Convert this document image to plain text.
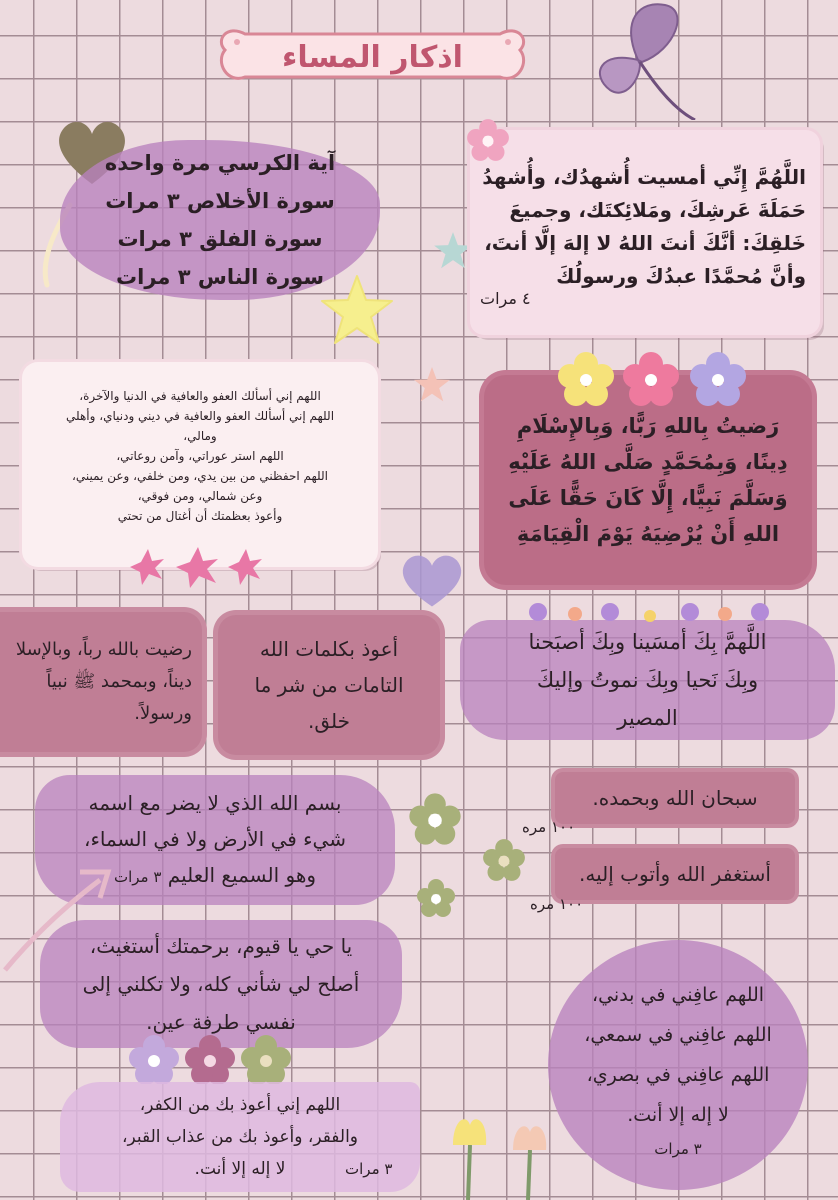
اذكار المساء
اللَّهُمَّ إِنِّي أمسيت أُشهدُك، وأُشهدُ
حَمَلَةَ عَرشِكَ، ومَلائِكتَك، وجميعَ
خَلقِكَ: أنَّكَ أنتَ اللهُ لا إلهَ إلَّا أنتَ،
وأنَّ مُحمَّدًا عبدُكَ ورسولُكَ
٤ مرات
آية الكرسي مرة واحده
سورة الأخلاص ٣ مرات
سورة الفلق ٣ مرات
سورة الناس ٣ مرات
اللهم إني أسألك العفو والعافية في الدنيا والآخرة،
اللهم إني أسألك العفو والعافية في ديني ودنياي، وأهلي
ومالي،
اللهم استر عوراتي، وآمن روعاتي،
اللهم احفظني من بين يدي، ومن خلفي، وعن يميني،
وعن شمالي، ومن فوقي،
وأعوذ بعظمتك أن أغتال من تحتي
رَضيتُ بِاللهِ رَبًّا، وَبِالإِسْلَامِ
دِينًا، وَبِمُحَمَّدٍ صَلَّى اللهُ عَلَيْهِ
وَسَلَّمَ نَبِيًّا، إِلَّا كَانَ حَقًّا عَلَى
اللهِ أَنْ يُرْضِيَهُ يَوْمَ الْقِيَامَةِ
رضيت بالله رباً، وبالإسلا
ديناً، وبمحمد ﷺ نبياً
ورسولاً.
أعوذ بكلمات الله
التامات من شر ما
خلق.
اللَّهمَّ بِكَ أمسَينا وبِكَ أصبَحنا
وبِكَ نَحيا وبِكَ نموتُ وإليكَ
المصير
بسم الله الذي لا يضر مع اسمه
شيء في الأرض ولا في السماء،
وهو السميع العليم ٣ مرات
سبحان الله وبحمده.
١٠٠ مره
أستغفر الله وأتوب إليه.
١٠٠ مره
يا حي يا قيوم، برحمتك أستغيث،
أصلح لي شأني كله، ولا تكلني إلى
نفسي طرفة عين.
اللهم عافِني في بدني،
اللهم عافِني في سمعي،
اللهم عافِني في بصري،
لا إله إلا أنت.
٣ مرات
اللهم إني أعوذ بك من الكفر،
والفقر، وأعوذ بك من عذاب القبر،
لا إله إلا أنت.	٣ مرات
